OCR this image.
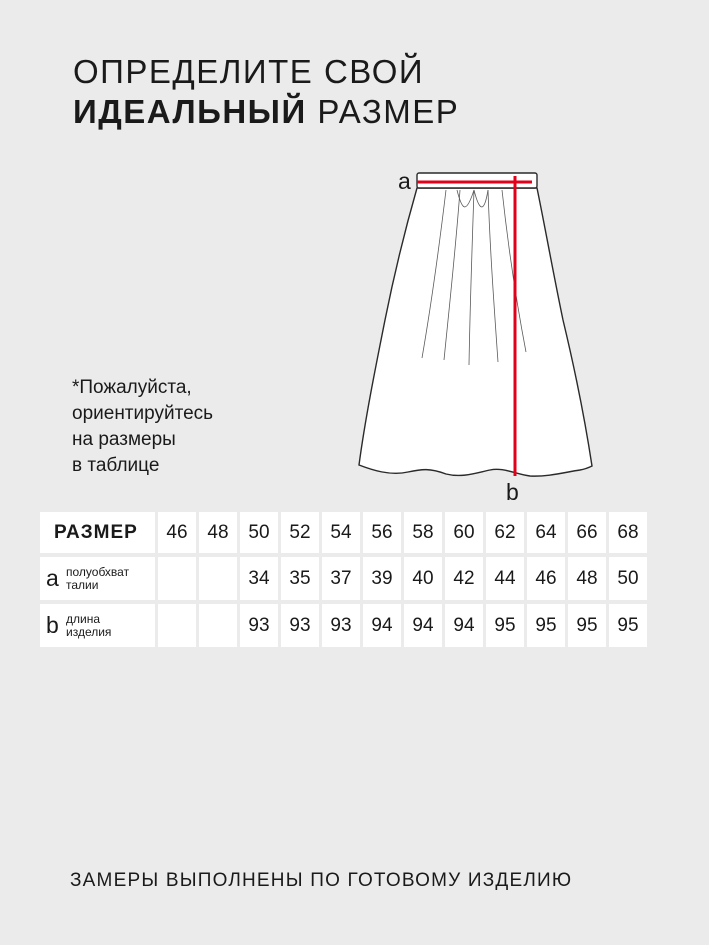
ОПРЕДЕЛИТЕ СВОЙ
ИДЕАЛЬНЫЙ РАЗМЕР

*Пожалуйста,
ориентируйтесь
на размеры
в таблице

a
b
РАЗМЕР	46	48	50	52	54	56	58	60	62	64	66	68

a полуобхват
талии			34	35	37	39	40	42	44	46	48	50

b длина
изделия			93	93	93	94	94	94	95	95	95	95

ЗАМЕРЫ ВЫПОЛНЕНЫ ПО ГОТОВОМУ ИЗДЕЛИЮ
